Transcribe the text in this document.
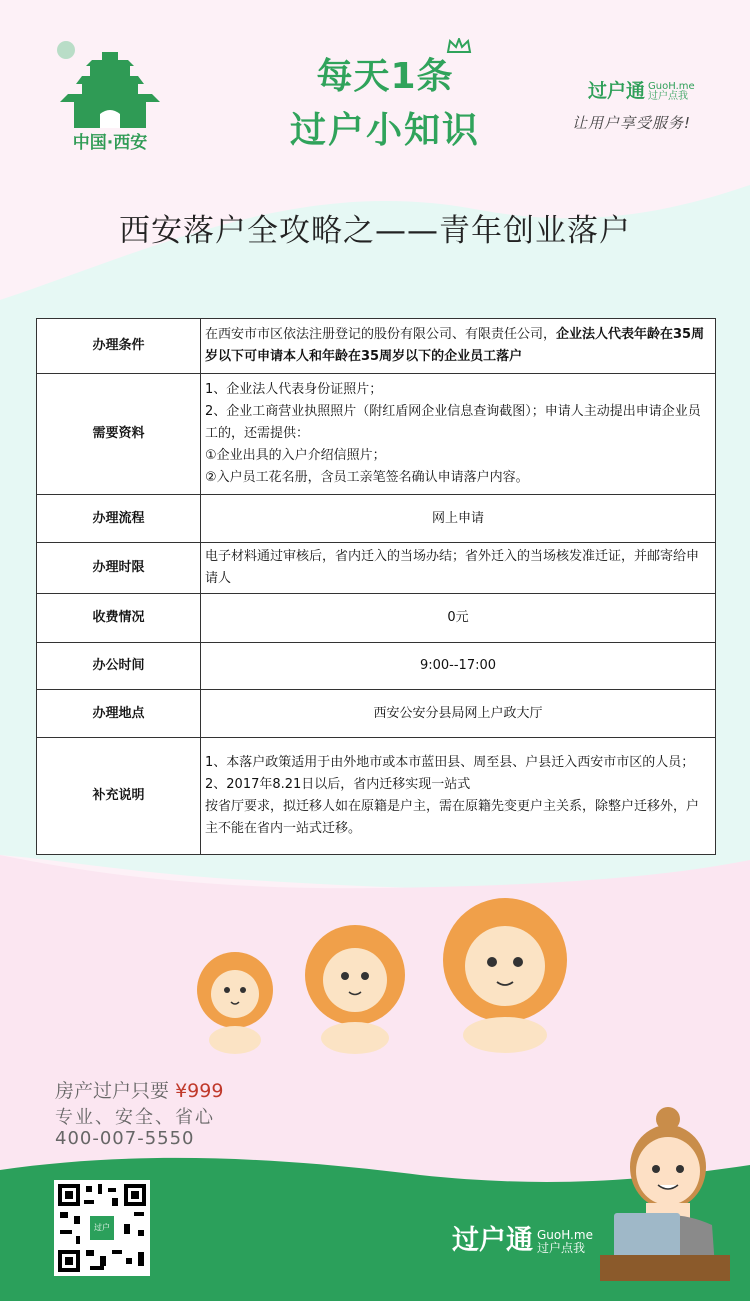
中国·西安
每天1条
过户小知识
过户通 GuoH.me
过户点我
让用户享受服务!
西安落户全攻略之——青年创业落户
办理条件	在西安市市区依法注册登记的股份有限公司、有限责任公司，企业法人代表年龄在35周岁以下可申请本人和年龄在35周岁以下的企业员工落户
需要资料	1、企业法人代表身份证照片；
2、企业工商营业执照照片（附红盾网企业信息查询截图）；申请人主动提出申请企业员工的，还需提供：
①企业出具的入户介绍信照片；
②入户员工花名册，含员工亲笔签名确认申请落户内容。

办理流程	网上申请
办理时限	电子材料通过审核后，省内迁入的当场办结；省外迁入的当场核发准迁证，并邮寄给申请人
收费情况	0元
办公时间	9:00--17:00
办理地点	西安公安分县局网上户政大厅
补充说明	1、本落户政策适用于由外地市或本市蓝田县、周至县、户县迁入西安市市区的人员；
2、2017年8.21日以后，省内迁移实现一站式
按省厅要求，拟迁移人如在原籍是户主，需在原籍先变更户主关系，除整户迁移外，户主不能在省内一站式迁移。
房产过户只要 ¥999
专业、安全、省心
400-007-5550
过户	过户通 GuoH.me
过户点我
